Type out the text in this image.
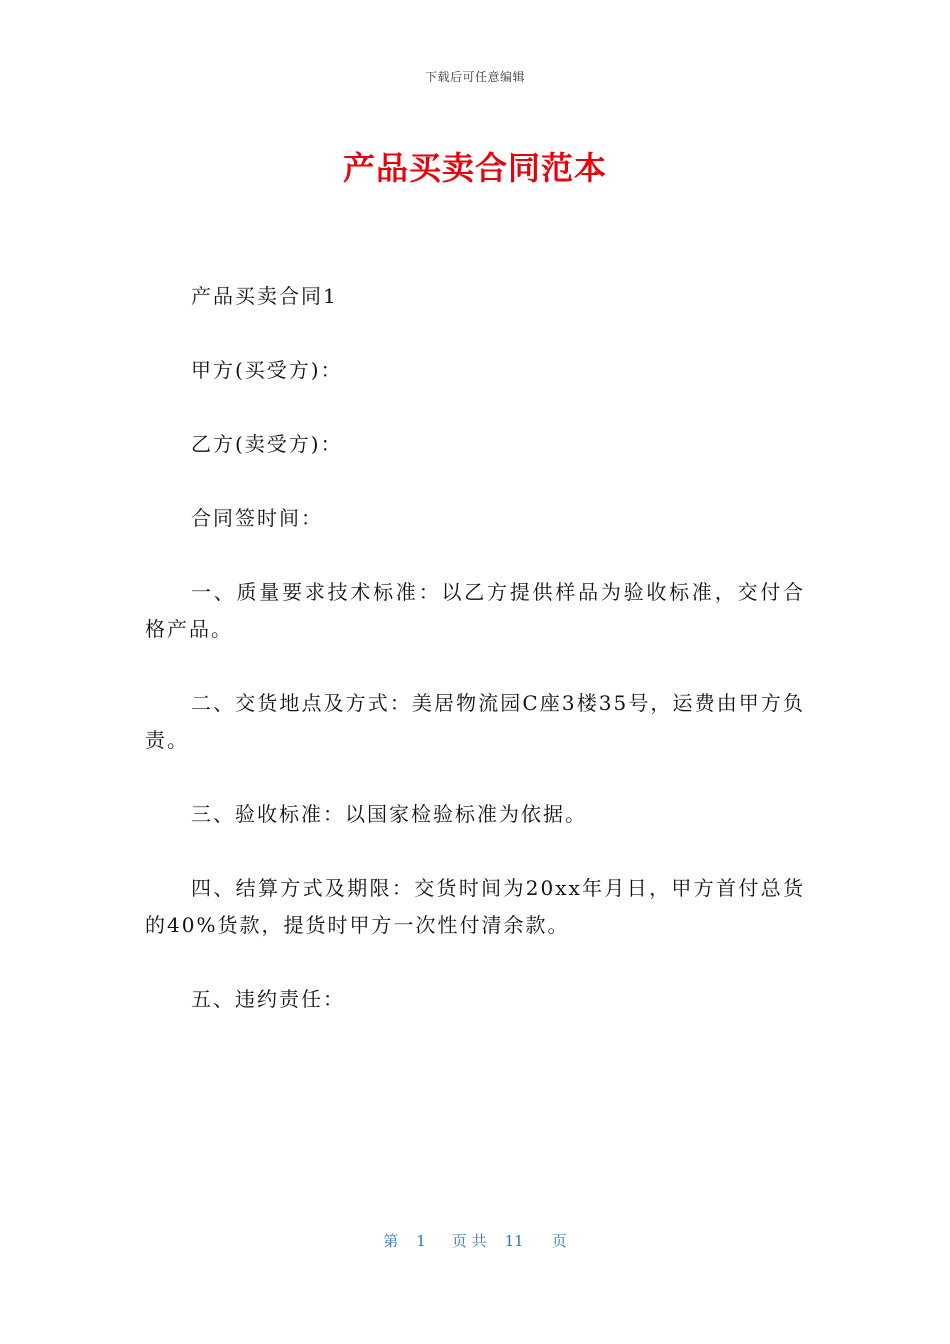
下载后可任意编辑
产品买卖合同范本

产品买卖合同1

甲方(买受方)：

乙方(卖受方)：

合同签时间：

一、质量要求技术标准：以乙方提供样品为验收标准，交付合格产品。

二、交货地点及方式：美居物流园C座3楼35号，运费由甲方负责。

三、验收标准：以国家检验标准为依据。

四、结算方式及期限：交货时间为20xx年月日，甲方首付总货的40%货款，提货时甲方一次性付清余款。

五、违约责任：

第 1 页 共 11 页
